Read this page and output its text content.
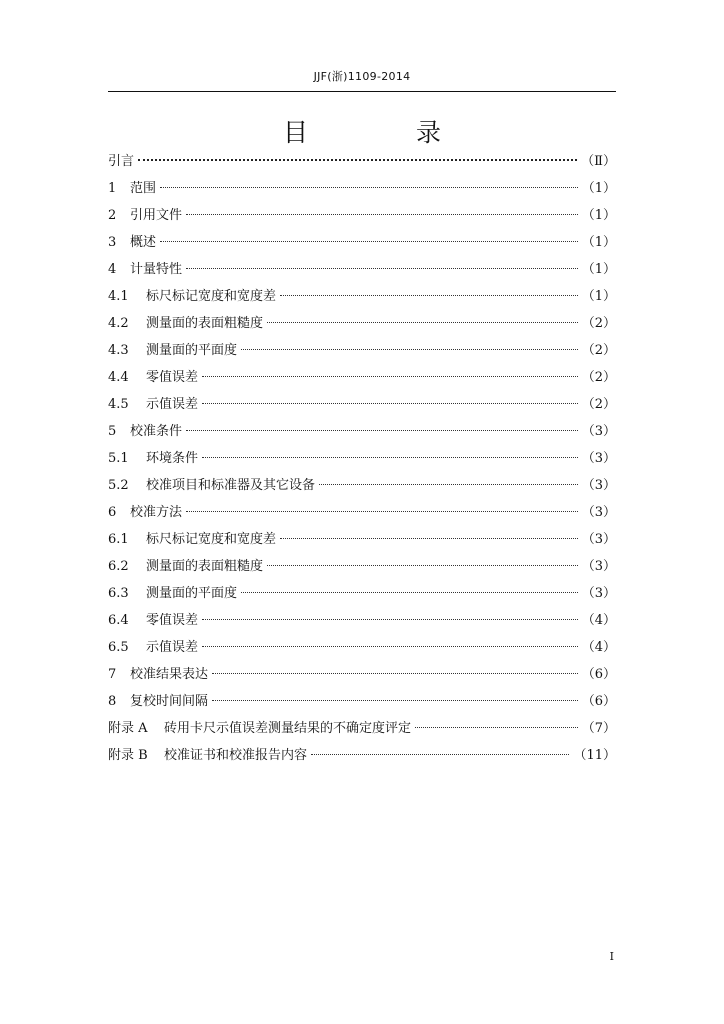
JJF(浙)1109-2014
目 录
引言	（Ⅱ）
1	范围	（1）
2	引用文件	（1）
3	概述	（1）
4	计量特性	（1）
4.1	标尺标记宽度和宽度差	（1）
4.2	测量面的表面粗糙度	（2）
4.3	测量面的平面度	（2）
4.4	零值误差	（2）
4.5	示值误差	（2）
5	校准条件	（3）
5.1	环境条件	（3）
5.2	校准项目和标准器及其它设备	（3）
6	校准方法	（3）
6.1	标尺标记宽度和宽度差	（3）
6.2	测量面的表面粗糙度	（3）
6.3	测量面的平面度	（3）
6.4	零值误差	（4）
6.5	示值误差	（4）
7	校准结果表达	（6）
8	复校时间间隔	（6）
附录 A	砖用卡尺示值误差测量结果的不确定度评定	（7）
附录 B	校准证书和校准报告内容	（11）
I
